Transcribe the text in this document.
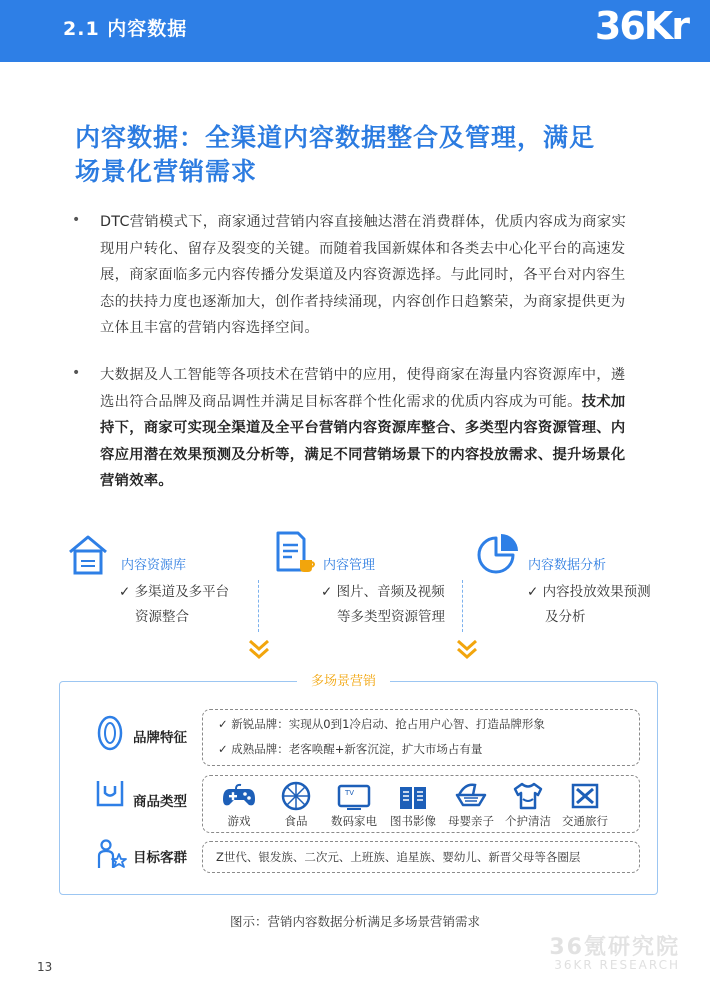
2.1 内容数据	36Kr
内容数据：全渠道内容数据整合及管理，满足
场景化营销需求
• DTC营销模式下，商家通过营销内容直接触达潜在消费群体，优质内容成为商家实现用户转化、留存及裂变的关键。而随着我国新媒体和各类去中心化平台的高速发展，商家面临多元内容传播分发渠道及内容资源选择。与此同时，各平台对内容生态的扶持力度也逐渐加大，创作者持续涌现，内容创作日趋繁荣，为商家提供更为立体且丰富的营销内容选择空间。
• 大数据及人工智能等各项技术在营销中的应用，使得商家在海量内容资源库中，遴选出符合品牌及商品调性并满足目标客群个性化需求的优质内容成为可能。技术加持下，商家可实现全渠道及全平台营销内容资源库整合、多类型内容资源管理、内容应用潜在效果预测及分析等，满足不同营销场景下的内容投放需求、提升场景化营销效率。
内容资源库
✓ 多渠道及多平台
资源整合
内容管理
✓ 图片、音频及视频
等多类型资源管理
内容数据分析
✓ 内容投放效果预测
及分析
多场景营销
品牌特征
✓ 新锐品牌：实现从0到1冷启动、抢占用户心智、打造品牌形象
✓ 成熟品牌：老客唤醒+新客沉淀，扩大市场占有量
商品类型
TV
游戏	食品	数码家电	图书影像	母婴亲子 个护清洁 交通旅行
目标客群	Z世代、银发族、二次元、上班族、追星族、婴幼儿、新晋父母等各圈层
图示：营销内容数据分析满足多场景营销需求
36氪研究院
36KR RESEARCH
13
